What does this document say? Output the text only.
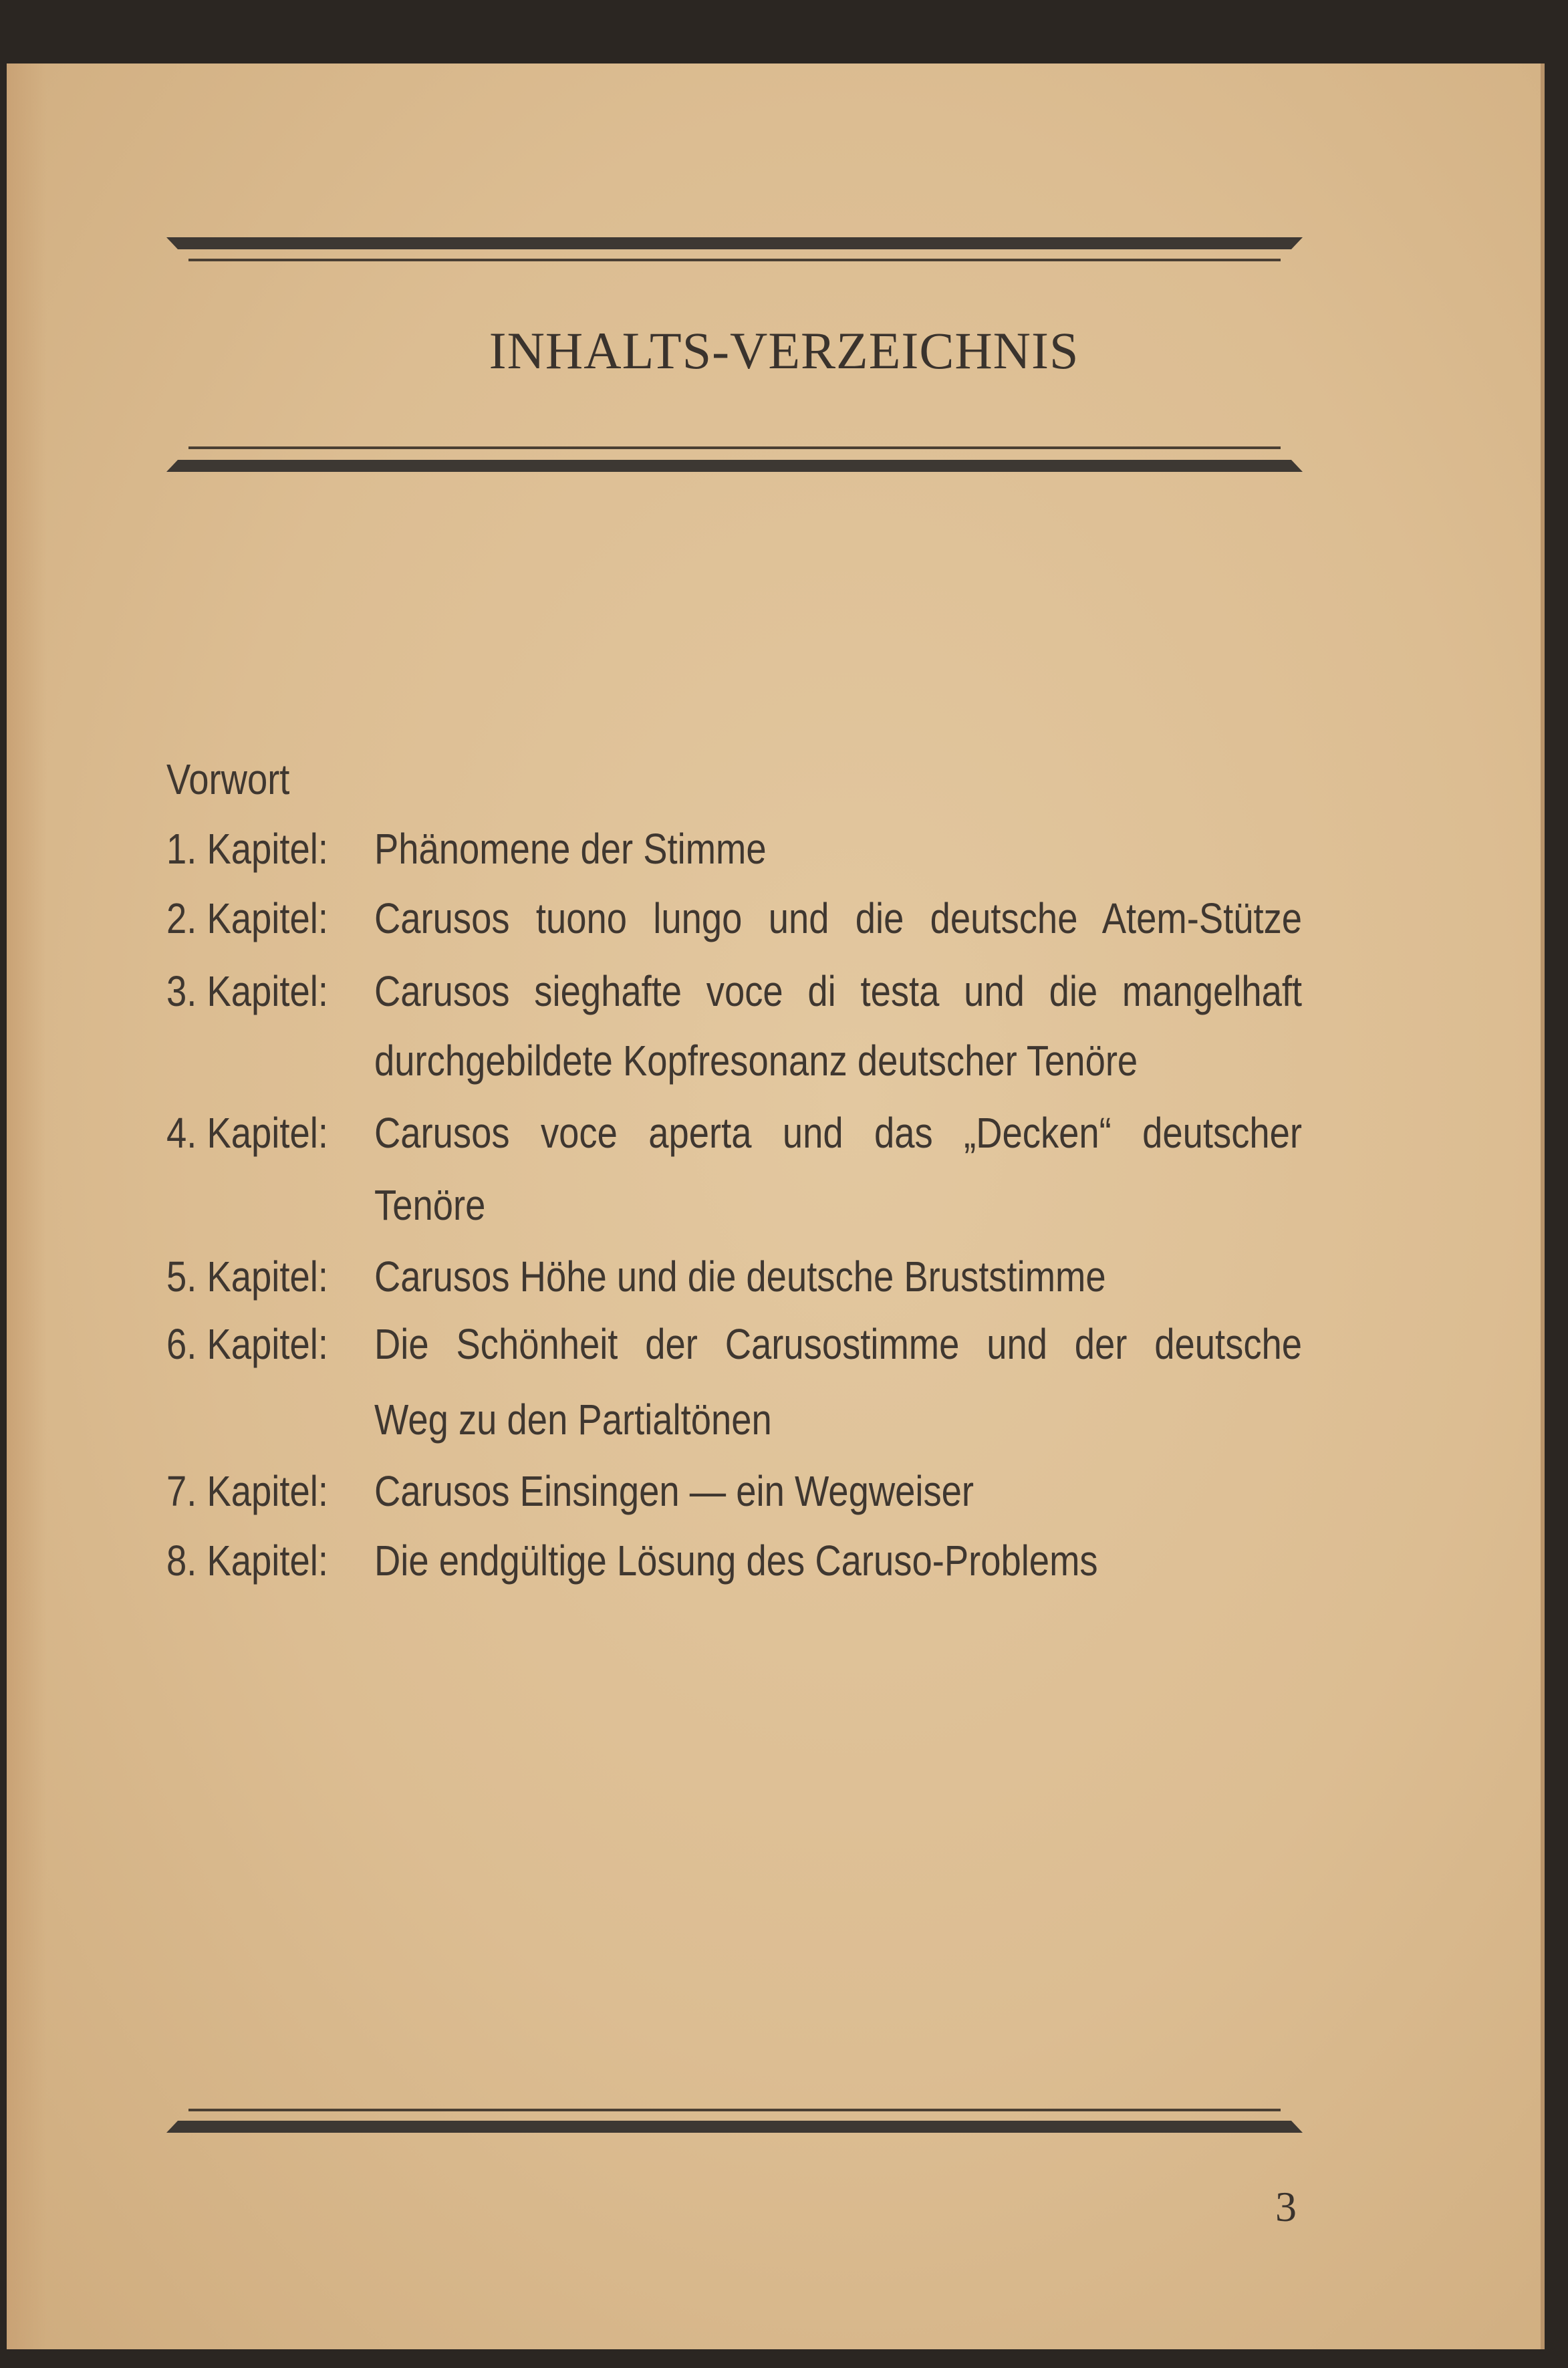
INHALTS-VERZEICHNIS
Vorwort
1. Kapitel: Phänomene der Stimme
2. Kapitel: Carusos tuono lungo und die deutsche Atem-Stütze
3. Kapitel: Carusos sieghafte voce di testa und die mangelhaft
durchgebildete Kopfresonanz deutscher Tenöre
4. Kapitel: Carusos voce aperta und das „Decken“ deutscher
Tenöre
5. Kapitel: Carusos Höhe und die deutsche Bruststimme
6. Kapitel: Die Schönheit der Carusostimme und der deutsche
Weg zu den Partialtönen
7. Kapitel: Carusos Einsingen — ein Wegweiser
8. Kapitel: Die endgültige Lösung des Caruso-Problems
3
